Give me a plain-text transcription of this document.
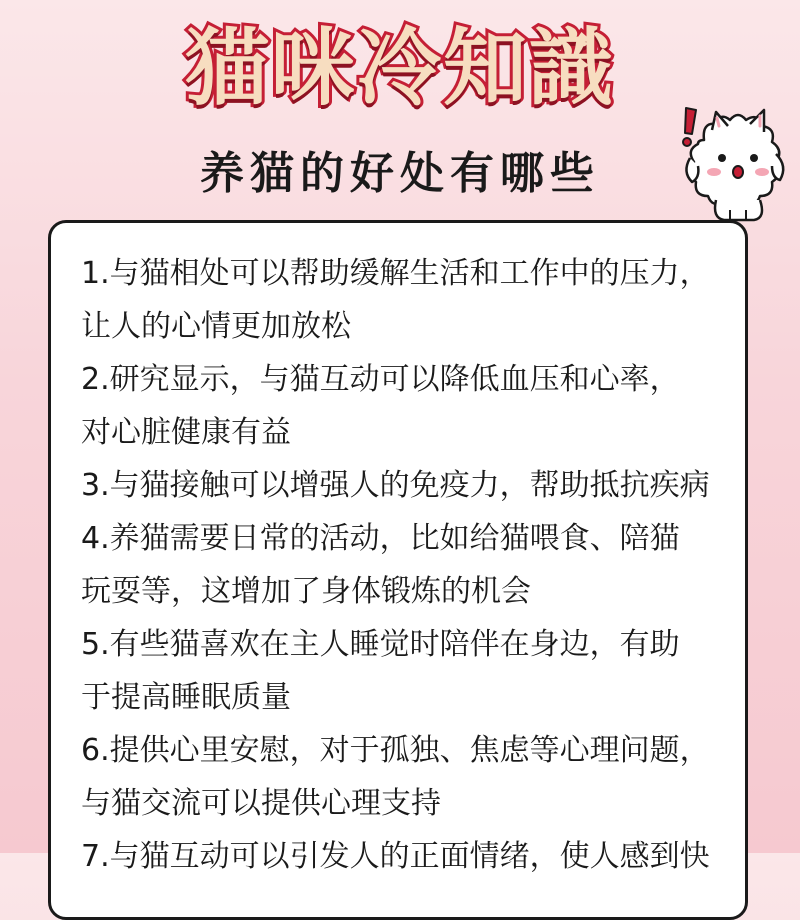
猫咪冷知識
养猫的好处有哪些
1.与猫相处可以帮助缓解生活和工作中的压力，
让人的心情更加放松
2.研究显示，与猫互动可以降低血压和心率，
对心脏健康有益
3.与猫接触可以增强人的免疫力，帮助抵抗疾病
4.养猫需要日常的活动，比如给猫喂食、陪猫
玩耍等，这增加了身体锻炼的机会
5.有些猫喜欢在主人睡觉时陪伴在身边，有助
于提高睡眠质量
6.提供心里安慰，对于孤独、焦虑等心理问题，
与猫交流可以提供心理支持
7.与猫互动可以引发人的正面情绪，使人感到快
